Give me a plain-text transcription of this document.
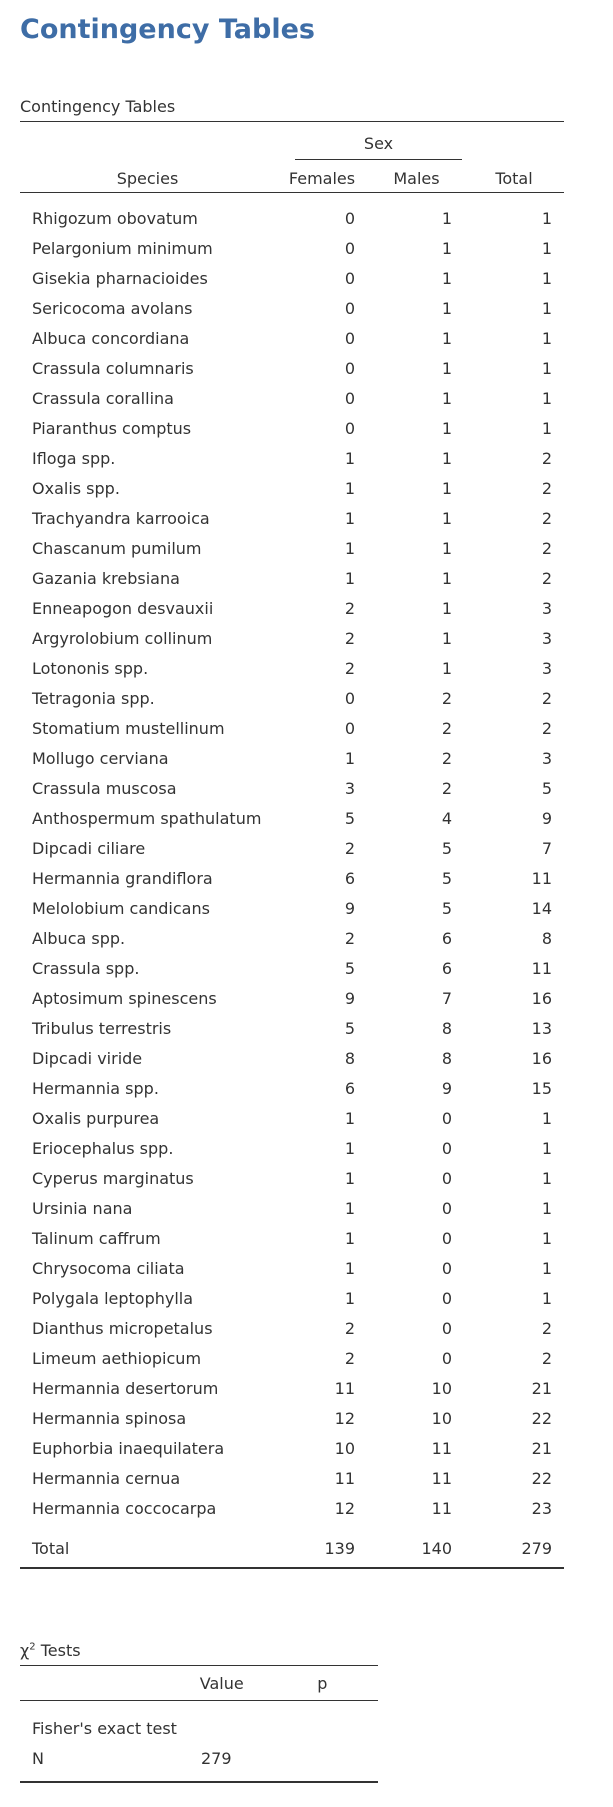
Contingency Tables
Contingency Tables

	Sex		

Species	Females	Males	Total

Rhigozum obovatum	0	1	1
Pelargonium minimum	0	1	1
Gisekia pharnacioides	0	1	1
Sericocoma avolans	0	1	1
Albuca concordiana	0	1	1
Crassula columnaris	0	1	1
Crassula corallina	0	1	1
Piaranthus comptus	0	1	1
Ifloga spp.	1	1	2
Oxalis spp.	1	1	2
Trachyandra karrooica	1	1	2
Chascanum pumilum	1	1	2
Gazania krebsiana	1	1	2
Enneapogon desvauxii	2	1	3
Argyrolobium collinum	2	1	3
Lotononis spp.	2	1	3
Tetragonia spp.	0	2	2
Stomatium mustellinum	0	2	2
Mollugo cerviana	1	2	3
Crassula muscosa	3	2	5
Anthospermum spathulatum	5	4	9
Dipcadi ciliare	2	5	7
Hermannia grandiflora	6	5	11
Melolobium candicans	9	5	14
Albuca spp.	2	6	8
Crassula spp.	5	6	11
Aptosimum spinescens	9	7	16
Tribulus terrestris	5	8	13
Dipcadi viride	8	8	16
Hermannia spp.	6	9	15
Oxalis purpurea	1	0	1
Eriocephalus spp.	1	0	1
Cyperus marginatus	1	0	1
Ursinia nana	1	0	1
Talinum caffrum	1	0	1
Chrysocoma ciliata	1	0	1
Polygala leptophylla	1	0	1
Dianthus micropetalus	2	0	2
Limeum aethiopicum	2	0	2
Hermannia desertorum	11	10	21
Hermannia spinosa	12	10	22
Euphorbia inaequilatera	10	11	21
Hermannia cernua	11	11	22
Hermannia coccocarpa	12	11	23
Total	139	140	279
$\chi^2$ Tests
	Value	p
Fisher's exact test		
N	279	
